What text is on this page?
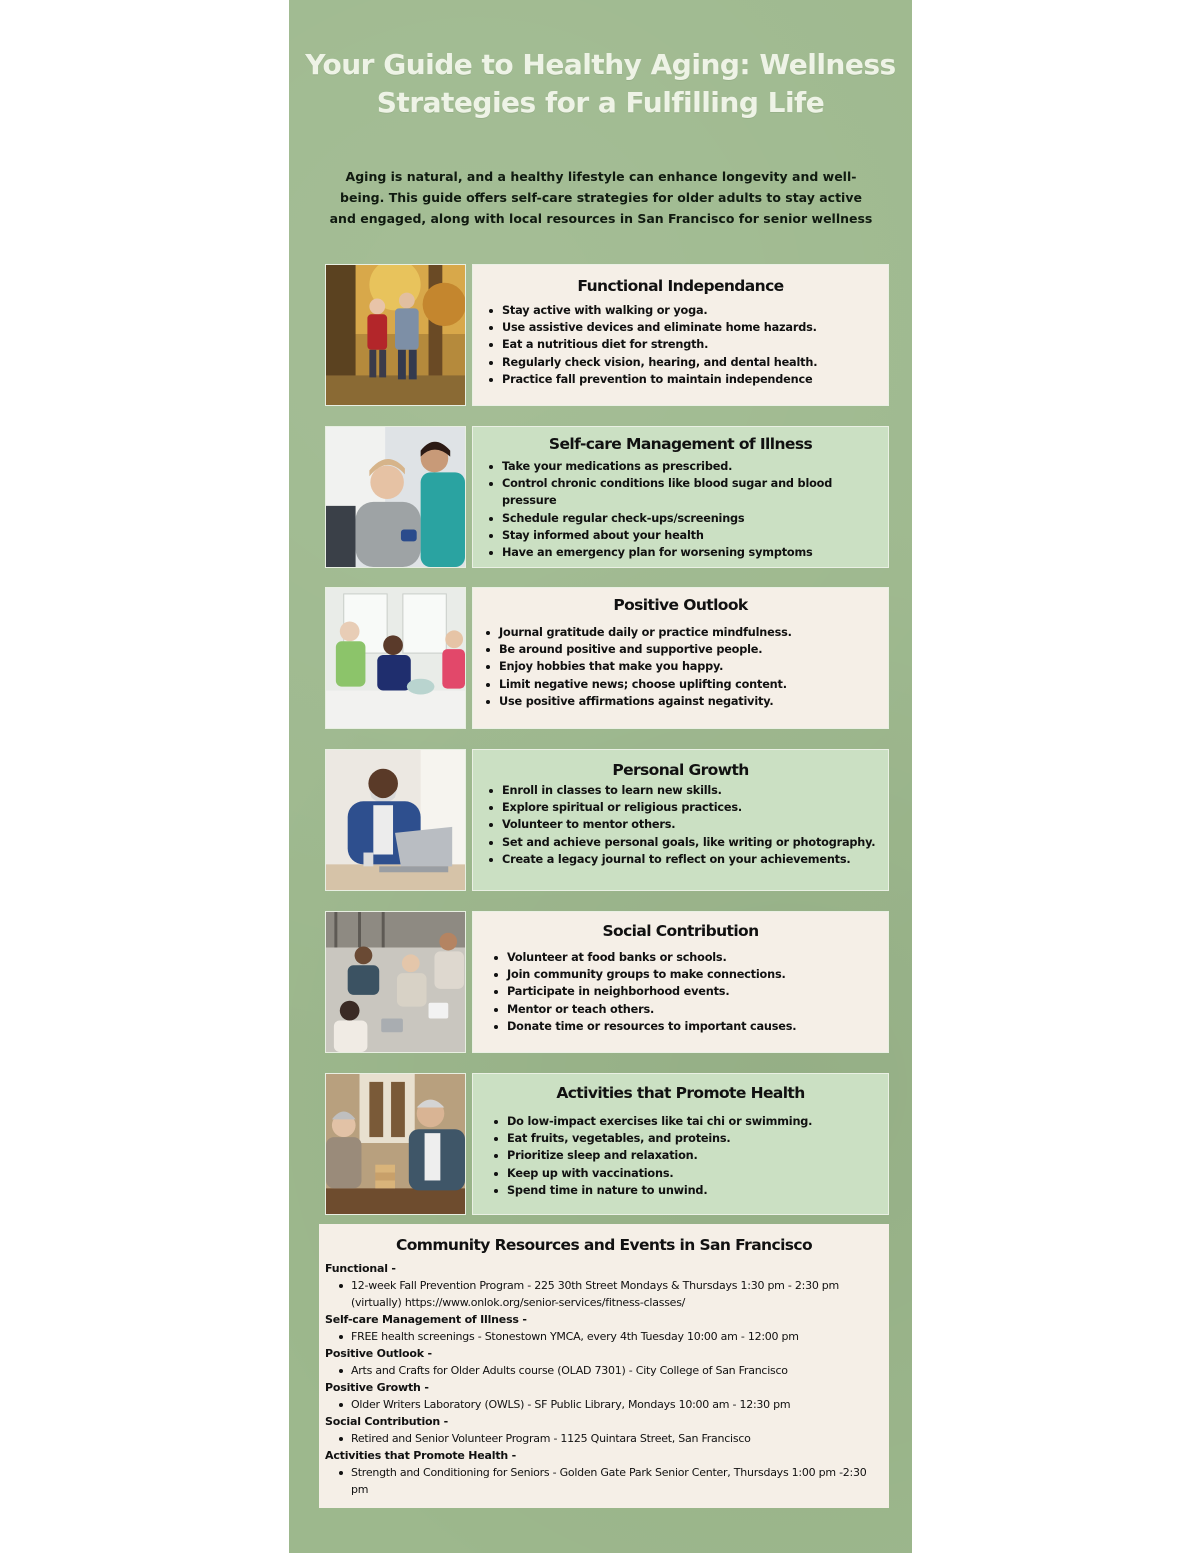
Your Guide to Healthy Aging: Wellness Strategies for a Fulfilling Life
Aging is natural, and a healthy lifestyle can enhance longevity and well-being. This guide offers self-care strategies for older adults to stay active and engaged, along with local resources in San Francisco for senior wellness
Functional Independance
Stay active with walking or yoga.
Use assistive devices and eliminate home hazards.
Eat a nutritious diet for strength.
Regularly check vision, hearing, and dental health.
Practice fall prevention to maintain independence
Self-care Management of Illness
Take your medications as prescribed.
Control chronic conditions like blood sugar and blood pressure
Schedule regular check-ups/screenings
Stay informed about your health
Have an emergency plan for worsening symptoms
Positive Outlook
Journal gratitude daily or practice mindfulness.
Be around positive and supportive people.
Enjoy hobbies that make you happy.
Limit negative news; choose uplifting content.
Use positive affirmations against negativity.
Personal Growth
Enroll in classes to learn new skills.
Explore spiritual or religious practices.
Volunteer to mentor others.
Set and achieve personal goals, like writing or photography.
Create a legacy journal to reflect on your achievements.
Social Contribution
Volunteer at food banks or schools.
Join community groups to make connections.
Participate in neighborhood events.
Mentor or teach others.
Donate time or resources to important causes.
Activities that Promote Health
Do low-impact exercises like tai chi or swimming.
Eat fruits, vegetables, and proteins.
Prioritize sleep and relaxation.
Keep up with vaccinations.
Spend time in nature to unwind.
Community Resources and Events in San Francisco
Functional -
12-week Fall Prevention Program - 225 30th Street Mondays & Thursdays 1:30 pm - 2:30 pm (virtually) https://www.onlok.org/senior-services/fitness-classes/
Self-care Management of Illness -
FREE health screenings - Stonestown YMCA, every 4th Tuesday 10:00 am - 12:00 pm
Positive Outlook -
Arts and Crafts for Older Adults course (OLAD 7301) - City College of San Francisco
Positive Growth -
Older Writers Laboratory (OWLS) - SF Public Library, Mondays 10:00 am - 12:30 pm
Social Contribution -
Retired and Senior Volunteer Program - 1125 Quintara Street, San Francisco
Activities that Promote Health -
Strength and Conditioning for Seniors - Golden Gate Park Senior Center, Thursdays 1:00 pm -2:30 pm
